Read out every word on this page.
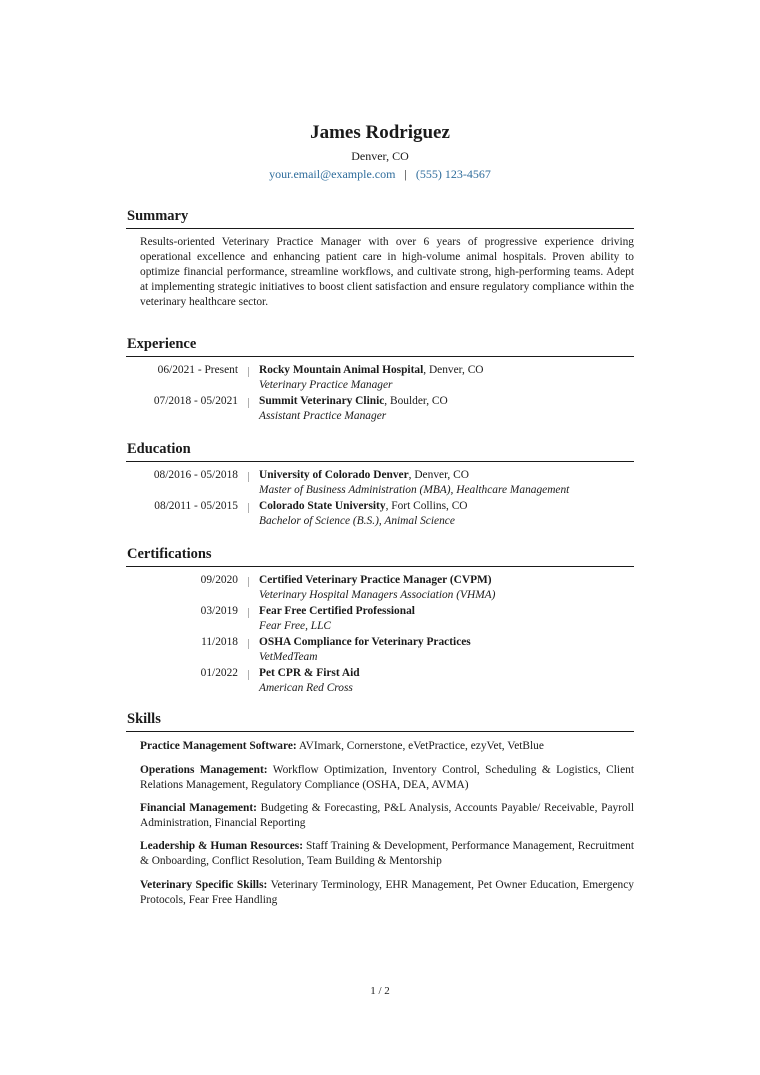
James Rodriguez
Denver, CO
your.email@example.com | (555) 123-4567
Summary
Results-oriented Veterinary Practice Manager with over 6 years of progressive experience driving operational excellence and enhancing patient care in high-volume animal hospitals. Proven ability to optimize financial performance, streamline workflows, and cultivate strong, high-performing teams. Adept at implementing strategic initiatives to boost client satisfaction and ensure regulatory compliance within the veterinary healthcare sector.
Experience
06/2021 - Present Rocky Mountain Animal Hospital, Denver, CO
Veterinary Practice Manager
07/2018 - 05/2021 Summit Veterinary Clinic, Boulder, CO
Assistant Practice Manager
Education
08/2016 - 05/2018 University of Colorado Denver, Denver, CO
Master of Business Administration (MBA), Healthcare Management
08/2011 - 05/2015 Colorado State University, Fort Collins, CO
Bachelor of Science (B.S.), Animal Science
Certifications
09/2020 Certified Veterinary Practice Manager (CVPM)
Veterinary Hospital Managers Association (VHMA)
03/2019 Fear Free Certified Professional
Fear Free, LLC
11/2018 OSHA Compliance for Veterinary Practices
VetMedTeam
01/2022 Pet CPR & First Aid
American Red Cross
Skills
Practice Management Software: AVImark, Cornerstone, eVetPractice, ezyVet, VetBlue
Operations Management: Workflow Optimization, Inventory Control, Scheduling & Logistics, Client Relations Management, Regulatory Compliance (OSHA, DEA, AVMA)
Financial Management: Budgeting & Forecasting, P&L Analysis, Accounts Payable/ Receivable, Payroll Administration, Financial Reporting
Leadership & Human Resources: Staff Training & Development, Performance Management, Recruitment & Onboarding, Conflict Resolution, Team Building & Mentorship
Veterinary Specific Skills: Veterinary Terminology, EHR Management, Pet Owner Education, Emergency Protocols, Fear Free Handling
1 / 2
